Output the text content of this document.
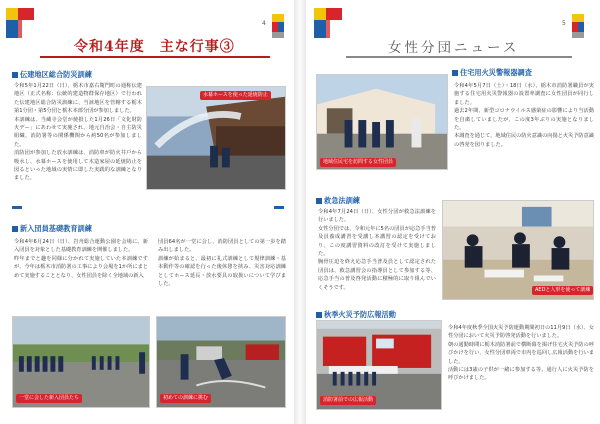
4
令和4年度　主な行事③
伝建地区総合防災訓練
令和5年1月22日（日）、栃木市嘉右衛門町の通称伝建地区（正式名称：伝統的建造物群保存地区）で行われた伝建地区総合防災訓練に、当該地区を管轄する栃木第1分団・第5分団と栃木本部分団が参加しました。
本訓練は、当蔵寺会堂が焼損した1月26日「文化財防火デー」にあわせて実施され、地元自治会・自主防災組織、消防署等の関係機関から約50名が参加しました。
消防団が参加した放水訓練は、消防車が防火井戸から吸水し、水幕ホースを使用して木造家屋の延焼防止を図るといった地域の実情に即した実践的な訓練となりました。
水幕ホースを使った延焼防止
新入団員基礎教育訓練
令和4年6月24日（日）、岩舟総合運動公園を会場に、新入団員を対象とした基礎教育訓練を開催しました。
昨年までと趣を同様に分かれて実施していた本訓練ですが、今年は栃木市消防署の工事により会場を1か所にまとめて実施することとなり、女性団員を除く全地域の新入
団員64名が一堂に会し、消防団員としての第一歩を踏み出しました。
訓練が始まると、最初に礼式訓練として規律訓練・基本動作等の確認を行った後休憩を挟み、災害対応訓練としてホース延長・放水要具の取扱いについて学びました。
一堂に会した新入団員たち	初めての訓練に挑む
5
女性分団ニュース
住宅用火災警報器調査
地域住民宅を訪問する女性団員
令和4年5月7日（土）・18日（水）、栃木市消防署職員が実施する住宅用火災警報器の設置率調査に女性団員が同行しました。
過去2年間、新型コロナウイルス感染症の影響により当活動を自粛していましたが、この度3年ぶりの実施となりました。
本調査を通じて、地域住民の防火意識の向揚と火災予防意識の啓発を図りました。
救急法訓練
令和4年7月24日（日）、女性分団が救急法訓練を行いました。
女性分団では、令和元年に5名の団員が応急手当普及員養成講習を受講し本講習の認定を受けており、この度講習資料の改訂を受けて実施しました。
胸骨圧迫を終え応急手当普及員として認定された団員は、救急講習会の指導員として参加する等、応急手当の普及啓発活動に積極的に取り組んでいくそうです。	AEDと人形を使って訓練
秋季火災予防広報活動
消防署前での広報活動
令和4年度秋季全国火災予防運動期間初日の11月9日（水）、女性分団において火災予防啓発活動を行いました。
朝の通勤時間に栃木消防署前で横断幕を掲げ住宅火災予防の呼びかけを行い、女性分団車両で市内を巡回し広報活動を行いました。
活動には3歳の子供が一緒に参加する等、通行人に火災予防を呼びかけました。
